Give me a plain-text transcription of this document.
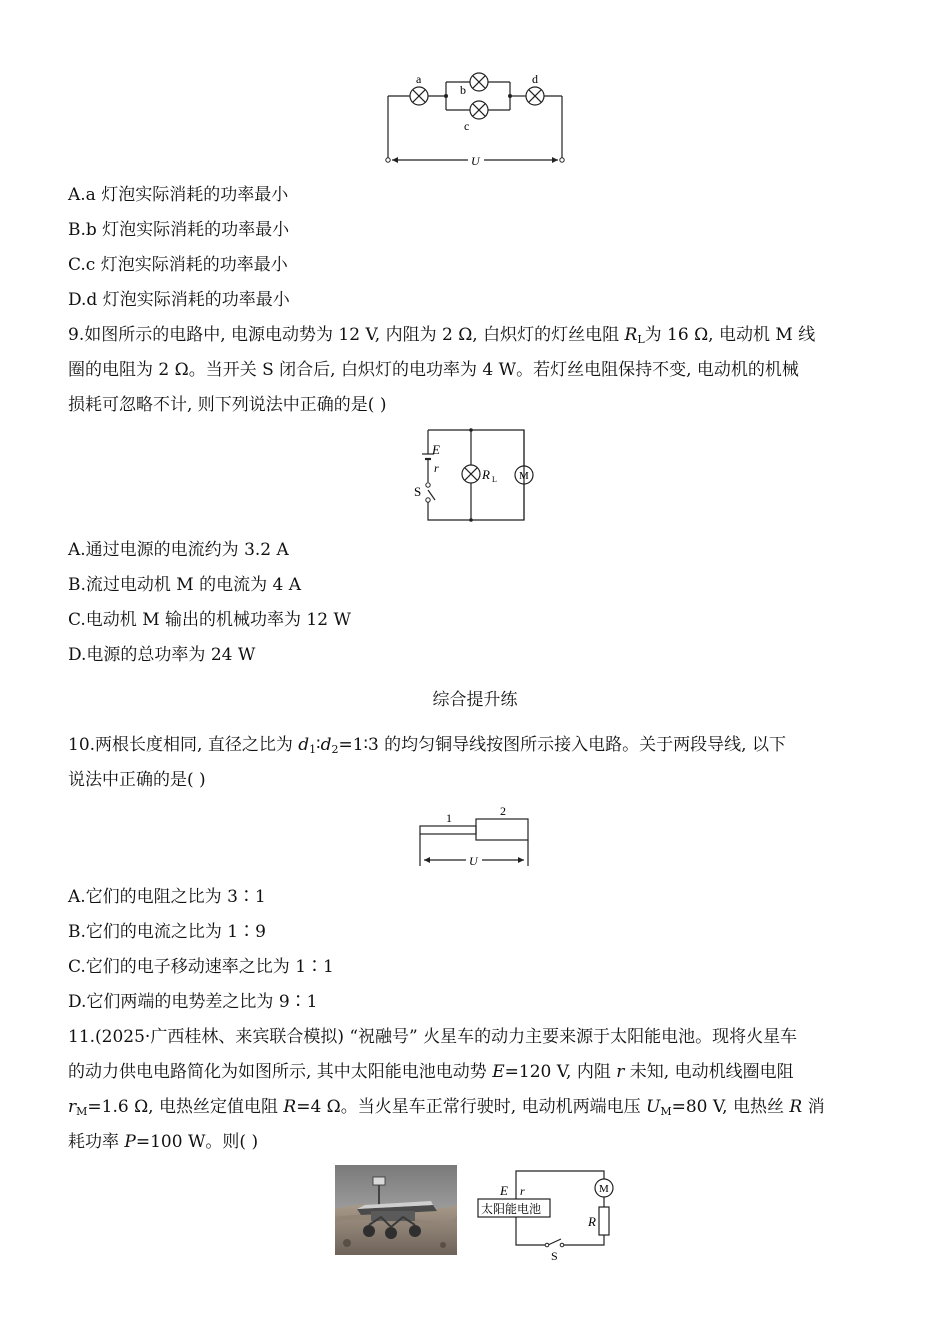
a
b
c
d
U
A.a 灯泡实际消耗的功率最小
B.b 灯泡实际消耗的功率最小
C.c 灯泡实际消耗的功率最小
D.d 灯泡实际消耗的功率最小
9.如图所示的电路中, 电源电动势为 12 V, 内阻为 2 Ω, 白炽灯的灯丝电阻 $R_L$为 16 Ω, 电动机 M 线
圈的电阻为 2 Ω。当开关 S 闭合后, 白炽灯的电功率为 4 W。若灯丝电阻保持不变, 电动机的机械
损耗可忽略不计, 则下列说法中正确的是( )
E
r
S
R L M
A.通过电源的电流约为 3.2 A
B.流过电动机 M 的电流为 4 A
C.电动机 M 输出的机械功率为 12 W
D.电源的总功率为 24 W
综合提升练
10.两根长度相同, 直径之比为 $d_1∶d_2=1∶3$ 的均匀铜导线按图所示接入电路。关于两段导线, 以下
说法中正确的是( )
1	2
U
A.它们的电阻之比为 3∶1
B.它们的电流之比为 1∶9
C.它们的电子移动速率之比为 1∶1
D.它们两端的电势差之比为 9∶1
11.(2025·广西桂林、来宾联合模拟) “祝融号” 火星车的动力主要来源于太阳能电池。现将火星车
的动力供电电路简化为如图所示, 其中太阳能电池电动势 E=120 V, 内阻 r 未知, 电动机线圈电阻
$r_M=1.6$ Ω, 电热丝定值电阻 R=4 Ω。当火星车正常行驶时, 电动机两端电压 $U_M=80$ V, 电热丝 R 消
耗功率 P=100 W。则( )
E r
太阳能电池
M
R
S
